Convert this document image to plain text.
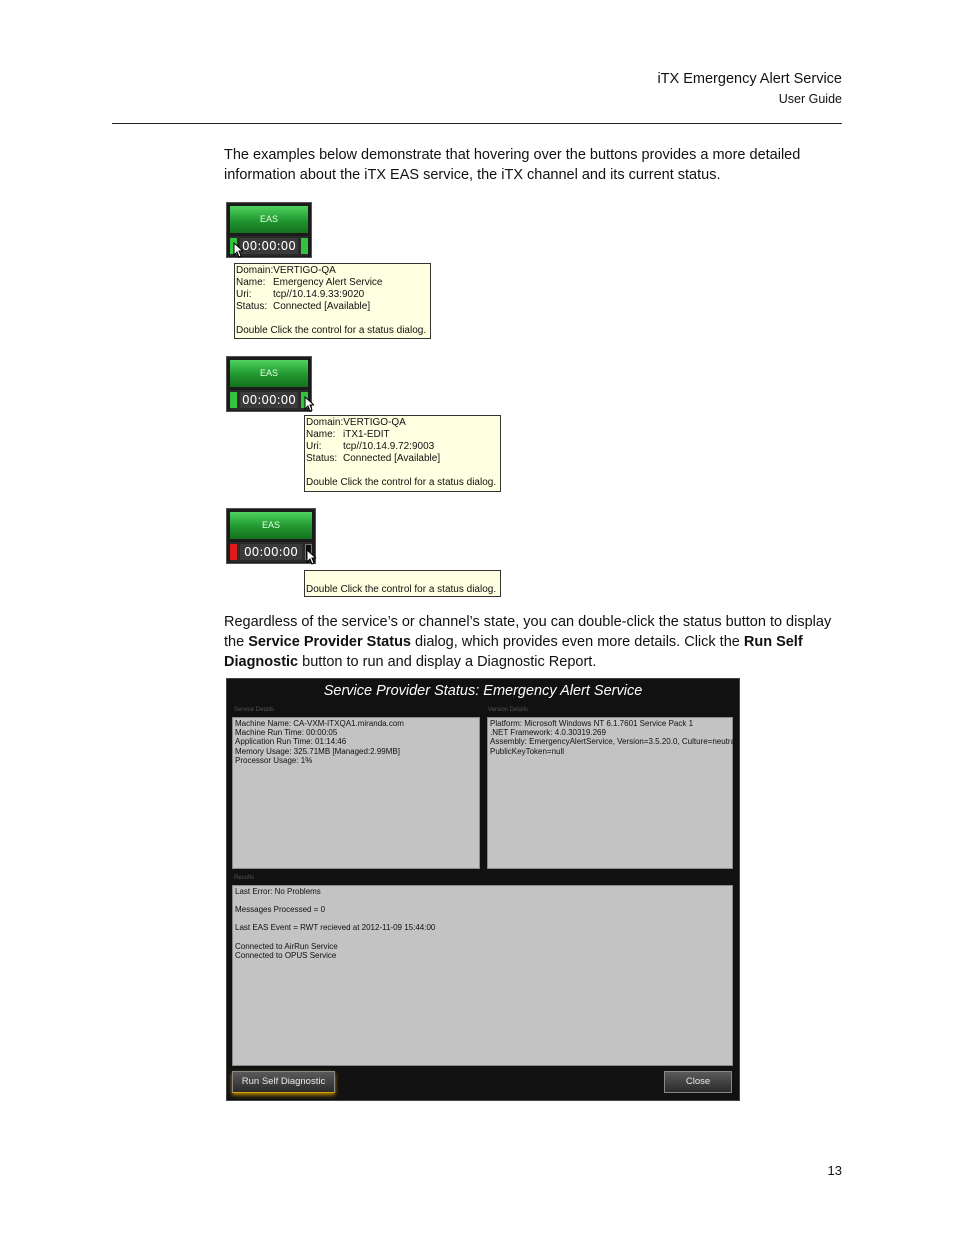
iTX Emergency Alert Service
User Guide

The examples below demonstrate that hovering over the buttons provides a more detailed information about the iTX EAS service, the iTX channel and its current status.

EAS
00:00:00
Domain:VERTIGO-QA
Name: Emergency Alert Service
Uri: tcp//10.14.9.33:9020
Status: Connected [Available]
Double Click the control for a status dialog.
EAS
00:00:00
Domain:VERTIGO-QA
Name: iTX1-EDIT
Uri: tcp//10.14.9.72:9003
Status: Connected [Available]
Double Click the control for a status dialog.
EAS
00:00:00
Double Click the control for a status dialog.

Regardless of the service’s or channel’s state, you can double-click the status button to display the Service Provider Status dialog, which provides even more details. Click the Run Self Diagnostic button to run and display a Diagnostic Report.

Service Provider Status: Emergency Alert Service
Service Details
Machine Name: CA-VXM-ITXQA1.miranda.com
Machine Run Time: 00:00:05
Application Run Time: 01:14:46
Memory Usage: 325.71MB [Managed:2.99MB]
Processor Usage: 1%
Version Details
Platform: Microsoft Windows NT 6.1.7601 Service Pack 1
.NET Framework: 4.0.30319.269
Assembly: EmergencyAlertService, Version=3.5.20.0, Culture=neutral,
PublicKeyToken=null
Results
Last Error: No Problems
Messages Processed = 0
Last EAS Event = RWT recieved at 2012-11-09 15:44:00
Connected to AirRun Service
Connected to OPUS Service
Run Self Diagnostic	Close
13
